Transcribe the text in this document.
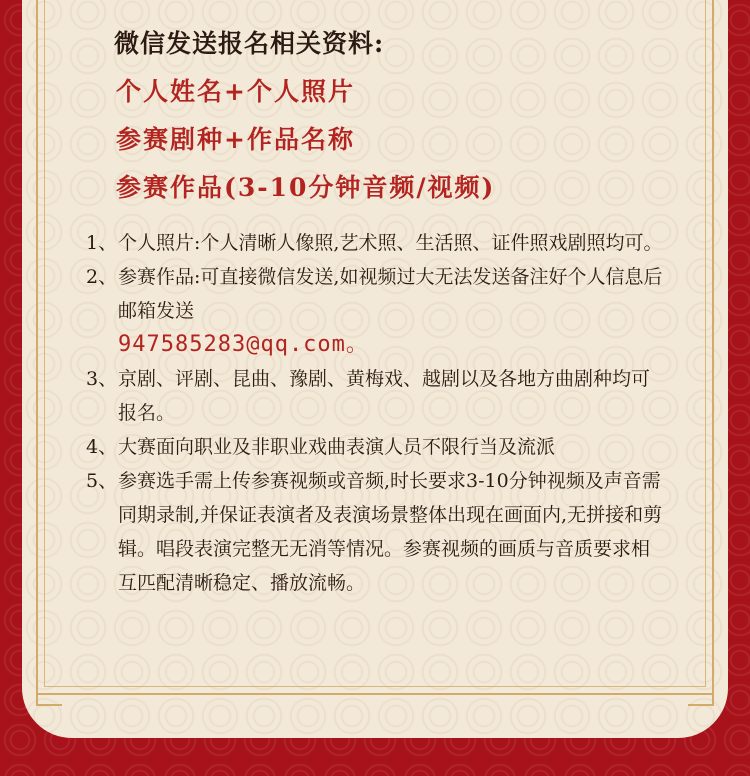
微信发送报名相关资料:
个人姓名+个人照片
参赛剧种+作品名称
参赛作品(3-10分钟音频/视频)
1、 个人照片:个人清晰人像照,艺术照、生活照、证件照戏剧照均可。
2、 参赛作品:可直接微信发送,如视频过大无法发送备注好个人信息后邮箱发送
947585283@qq.com。
3、 京剧、评剧、昆曲、豫剧、黄梅戏、越剧以及各地方曲剧种均可报名。
4、 大赛面向职业及非职业戏曲表演人员不限行当及流派
5、 参赛选手需上传参赛视频或音频,时长要求3-10分钟视频及声音需同期录制,并保证表演者及表演场景整体出现在画面内,无拼接和剪辑。唱段表演完整无无消等情况。参赛视频的画质与音质要求相互匹配清晰稳定、播放流畅。
